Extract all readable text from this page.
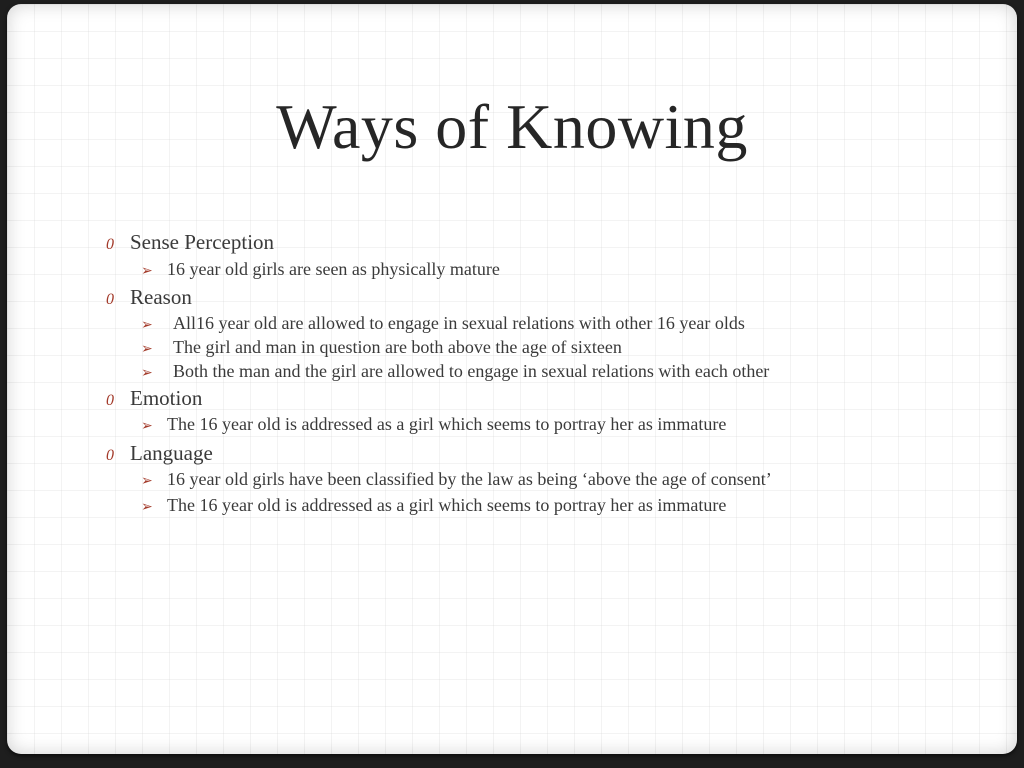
Ways of Knowing
0 Sense Perception
➢ 16 year old girls are seen as physically mature
0 Reason
➢ All16 year old are allowed to engage in sexual relations with other 16 year olds
➢ The girl and man in question are both above the age of sixteen
➢ Both the man and the girl are allowed to engage in sexual relations with each other
0 Emotion
➢ The 16 year old is addressed as a girl which seems to portray her as immature
0 Language
➢ 16 year old girls have been classified by the law as being ‘above the age of consent’
➢ The 16 year old is addressed as a girl which seems to portray her as immature
